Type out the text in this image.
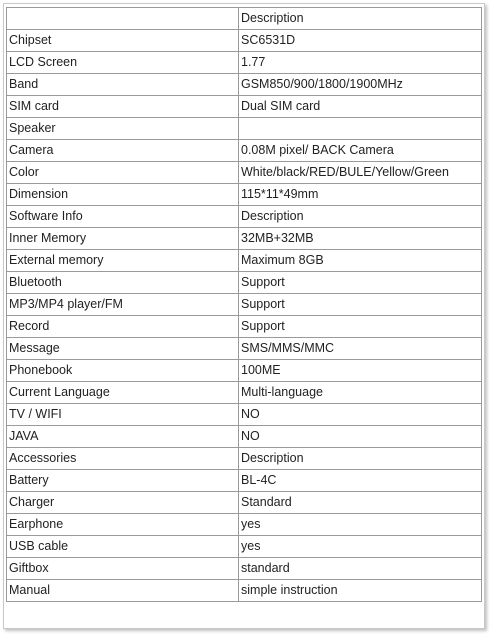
	Description
Chipset	SC6531D
LCD Screen	1.77
Band	GSM850/900/1800/1900MHz
SIM card	Dual SIM card
Speaker	
Camera	0.08M pixel/ BACK Camera
Color	White/black/RED/BULE/Yellow/Green
Dimension	115*11*49mm
Software Info	Description
Inner Memory	32MB+32MB
External memory	Maximum 8GB
Bluetooth	Support
MP3/MP4 player/FM	Support
Record	Support
Message	SMS/MMS/MMC
Phonebook	100ME
Current Language	Multi-language
TV / WIFI	NO
JAVA	NO
Accessories	Description
Battery	BL-4C
Charger	Standard
Earphone	yes
USB cable	yes
Giftbox	standard
Manual	simple instruction
